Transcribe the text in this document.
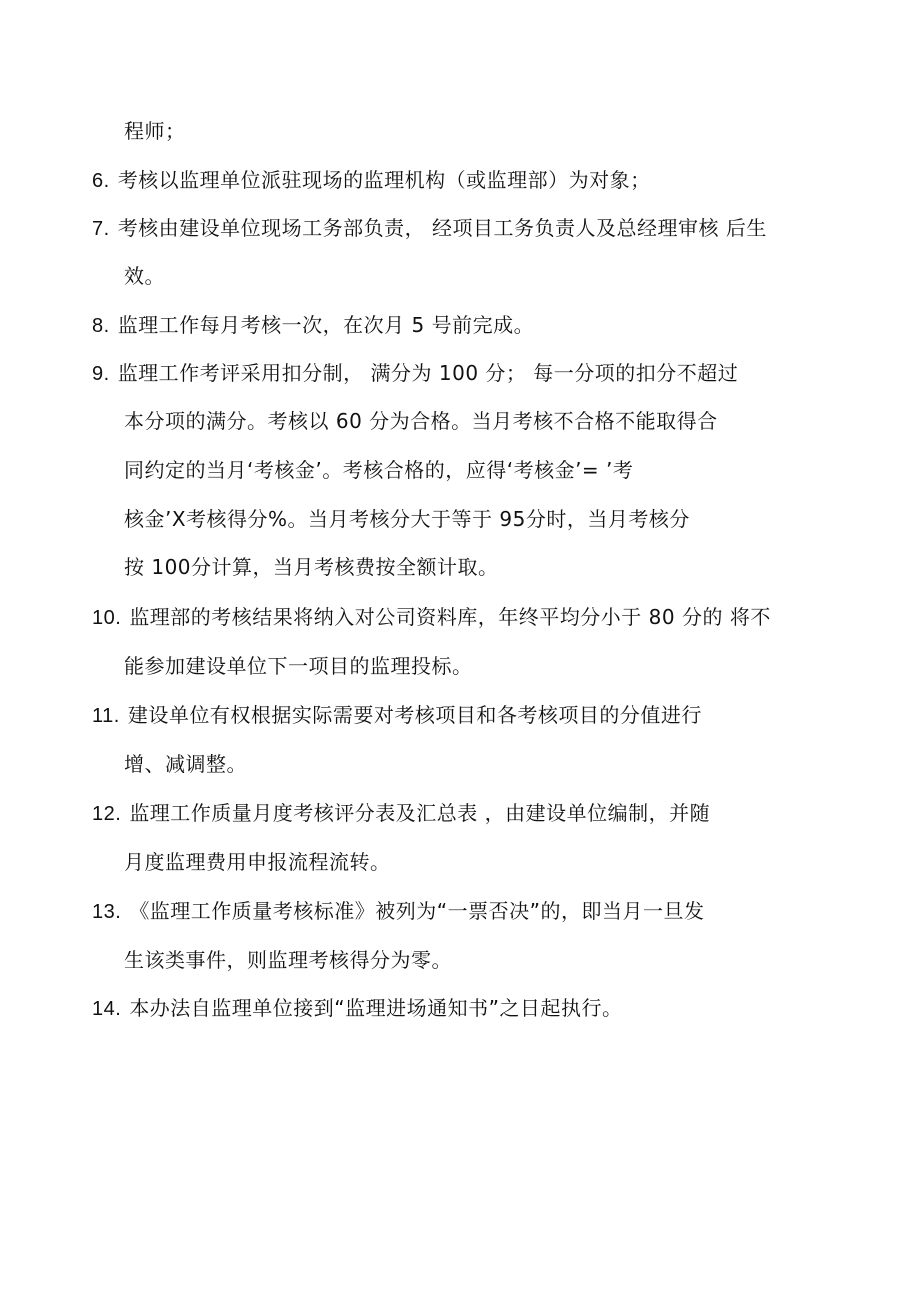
程师；
6. 考核以监理单位派驻现场的监理机构（或监理部）为对象；
7. 考核由建设单位现场工务部负责， 经项目工务负责人及总经理审核 后生
效。
8. 监理工作每月考核一次，在次月 5 号前完成。
9. 监理工作考评采用扣分制， 满分为 100 分； 每一分项的扣分不超过
本分项的满分。考核以 60 分为合格。当月考核不合格不能取得合
同约定的当月‘考核金’。考核合格的，应得‘考核金’= ’考
核金’X考核得分%。当月考核分大于等于 95分时，当月考核分
按 100分计算，当月考核费按全额计取。
10. 监理部的考核结果将纳入对公司资料库，年终平均分小于 80 分的 将不
能参加建设单位下一项目的监理投标。
11. 建设单位有权根据实际需要对考核项目和各考核项目的分值进行
增、减调整。
12. 监理工作质量月度考核评分表及汇总表 ，由建设单位编制，并随
月度监理费用申报流程流转。
13. 《监理工作质量考核标准》被列为“一票否决”的，即当月一旦发
生该类事件，则监理考核得分为零。
14. 本办法自监理单位接到“监理进场通知书”之日起执行。
